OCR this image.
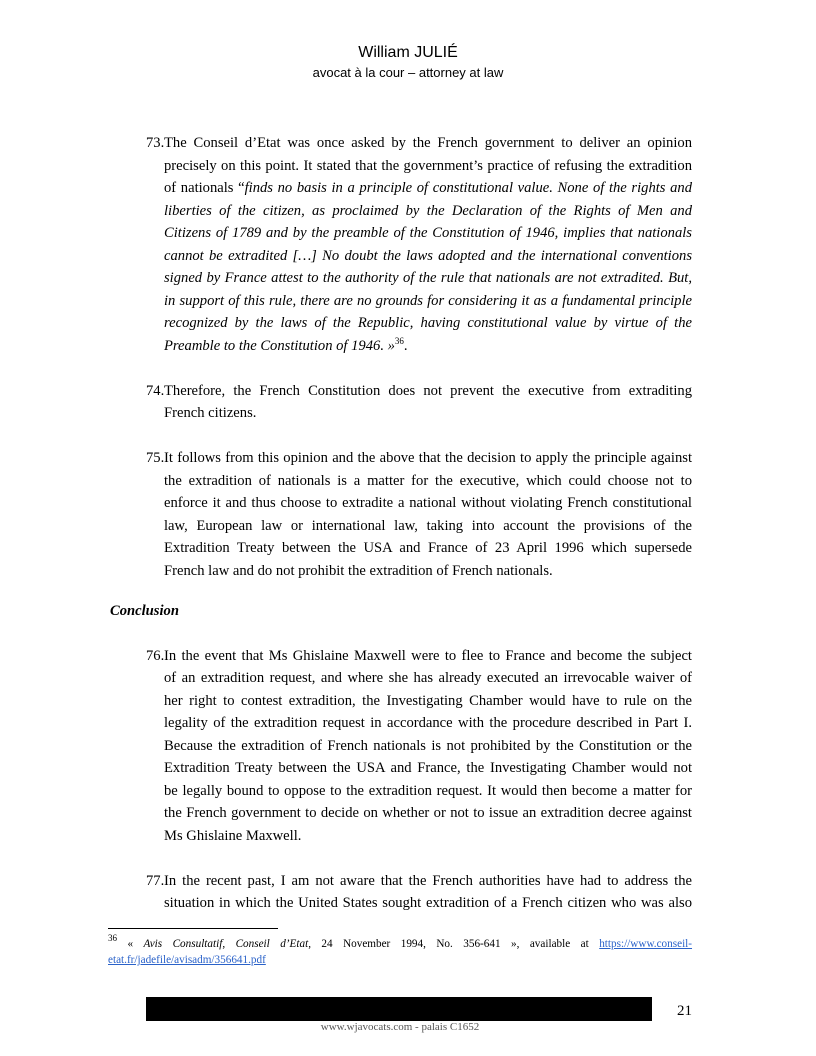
William JULIÉ
avocat à la cour – attorney at law
73. The Conseil d’Etat was once asked by the French government to deliver an opinion
precisely on this point. It stated that the government’s practice of refusing the extradition
of nationals “finds no basis in a principle of constitutional value. None of the rights and
liberties of the citizen, as proclaimed by the Declaration of the Rights of Men and
Citizens of 1789 and by the preamble of the Constitution of 1946, implies that nationals
cannot be extradited […] No doubt the laws adopted and the international conventions
signed by France attest to the authority of the rule that nationals are not extradited. But,
in support of this rule, there are no grounds for considering it as a fundamental principle
recognized by the laws of the Republic, having constitutional value by virtue of the
Preamble to the Constitution of 1946. »$^{36}$.
74. Therefore, the French Constitution does not prevent the executive from extraditing
French citizens.
75. It follows from this opinion and the above that the decision to apply the principle against
the extradition of nationals is a matter for the executive, which could choose not to
enforce it and thus choose to extradite a national without violating French constitutional
law, European law or international law, taking into account the provisions of the
Extradition Treaty between the USA and France of 23 April 1996 which supersede
French law and do not prohibit the extradition of French nationals.
Conclusion
76. In the event that Ms Ghislaine Maxwell were to flee to France and become the subject
of an extradition request, and where she has already executed an irrevocable waiver of
her right to contest extradition, the Investigating Chamber would have to rule on the
legality of the extradition request in accordance with the procedure described in Part I.
Because the extradition of French nationals is not prohibited by the Constitution or the
Extradition Treaty between the USA and France, the Investigating Chamber would not
be legally bound to oppose to the extradition request. It would then become a matter for
the French government to decide on whether or not to issue an extradition decree against
Ms Ghislaine Maxwell.
77. In the recent past, I am not aware that the French authorities have had to address the
situation in which the United States sought extradition of a French citizen who was also
$^{36}$ « Avis Consultatif, Conseil d’Etat, 24 November 1994, No. 356-641 », available at https://www.conseil-
etat.fr/jadefile/avisadm/356641.pdf
21
www.wjavocats.com - palais C1652
